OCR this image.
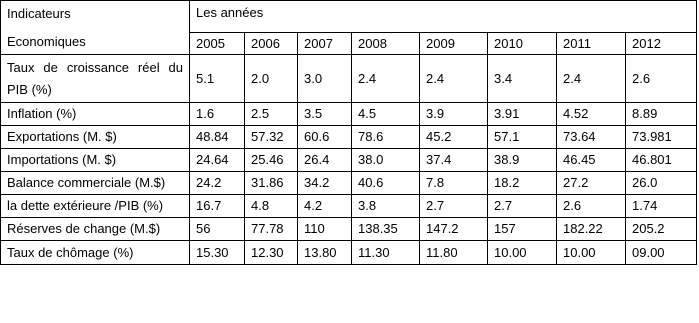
Indicateurs
Economiques	Les années							
	2005	2006	2007	2008	2009	2010	2011	2012

Taux de croissance réel du
PIB (%)	5.1	2.0	3.0	2.4	2.4	3.4	2.4	2.6
Inflation (%)	1.6	2.5	3.5	4.5	3.9	3.91	4.52	8.89
Exportations (M. $)	48.84	57.32	60.6	78.6	45.2	57.1	73.64	73.981
Importations (M. $)	24.64	25.46	26.4	38.0	37.4	38.9	46.45	46.801
Balance commerciale (M.$)	24.2	31.86	34.2	40.6	7.8	18.2	27.2	26.0
la dette extérieure /PIB (%)	16.7	4.8	4.2	3.8	2.7	2.7	2.6	1.74
Réserves de change (M.$)	56	77.78	110	138.35	147.2	157	182.22	205.2
Taux de chômage (%)	15.30	12.30	13.80	11.30	11.80	10.00	10.00	09.00
